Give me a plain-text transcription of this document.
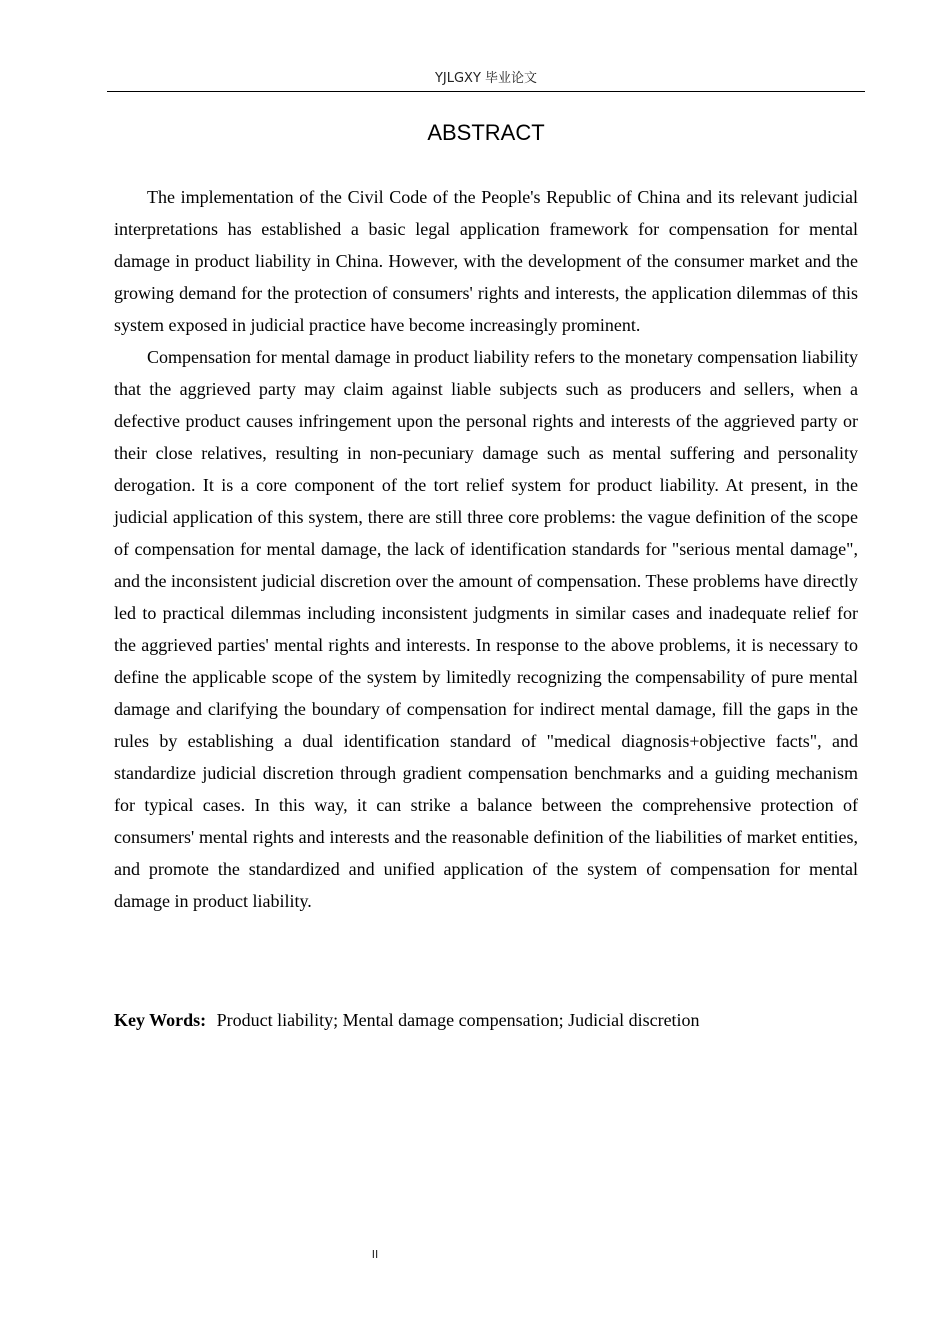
YJLGXY 毕业论文
ABSTRACT

The implementation of the Civil Code of the People's Republic of China and its relevant judicial interpretations has established a basic legal application framework for compensation for mental damage in product liability in China. However, with the development of the consumer market and the growing demand for the protection of consumers' rights and interests, the application dilemmas of this system exposed in judicial practice have become increasingly prominent.

Compensation for mental damage in product liability refers to the monetary compensation liability that the aggrieved party may claim against liable subjects such as producers and sellers, when a defective product causes infringement upon the personal rights and interests of the aggrieved party or their close relatives, resulting in non-pecuniary damage such as mental suffering and personality derogation. It is a core component of the tort relief system for product liability. At present, in the judicial application of this system, there are still three core problems: the vague definition of the scope of compensation for mental damage, the lack of identification standards for "serious mental damage", and the inconsistent judicial discretion over the amount of compensation. These problems have directly led to practical dilemmas including inconsistent judgments in similar cases and inadequate relief for the aggrieved parties' mental rights and interests. In response to the above problems, it is necessary to define the applicable scope of the system by limitedly recognizing the compensability of pure mental damage and clarifying the boundary of compensation for indirect mental damage, fill the gaps in the rules by establishing a dual identification standard of "medical diagnosis+objective facts", and standardize judicial discretion through gradient compensation benchmarks and a guiding mechanism for typical cases. In this way, it can strike a balance between the comprehensive protection of consumers' mental rights and interests and the reasonable definition of the liabilities of market entities, and promote the standardized and unified application of the system of compensation for mental damage in product liability.

Key Words: Product liability; Mental damage compensation; Judicial discretion
II
